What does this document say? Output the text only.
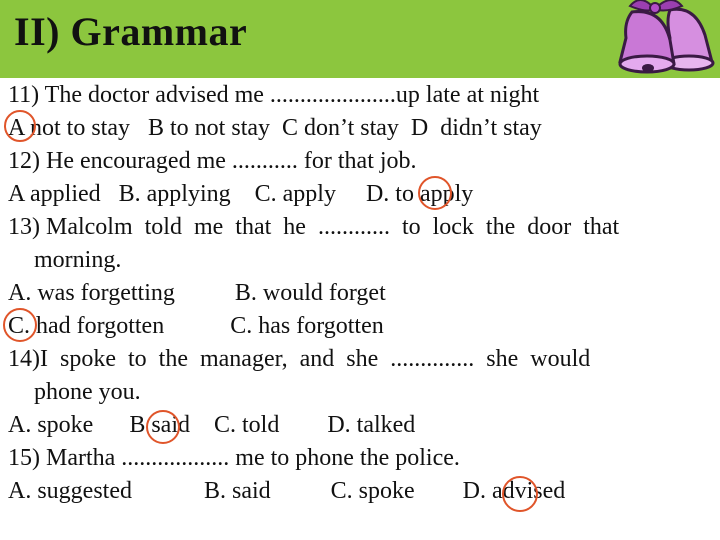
II) Grammar
11) The doctor advised me .....................up late at night
A not to stay   B to not stay  C don’t stay  D  didn’t stay
12) He encouraged me ........... for that job.
A applied   B. applying    C. apply     D. to apply
13) Malcolm  told  me  that  he  ............  to  lock  the  door  that
morning.
A. was forgetting          B. would forget
C. had forgotten           C. has forgotten
14)I  spoke  to  the  manager,  and  she  ..............  she  would
phone you.
A. spoke      B said    C. told        D. talked
15) Martha .................. me to phone the police.
A. suggested            B. said          C. spoke        D. advised
